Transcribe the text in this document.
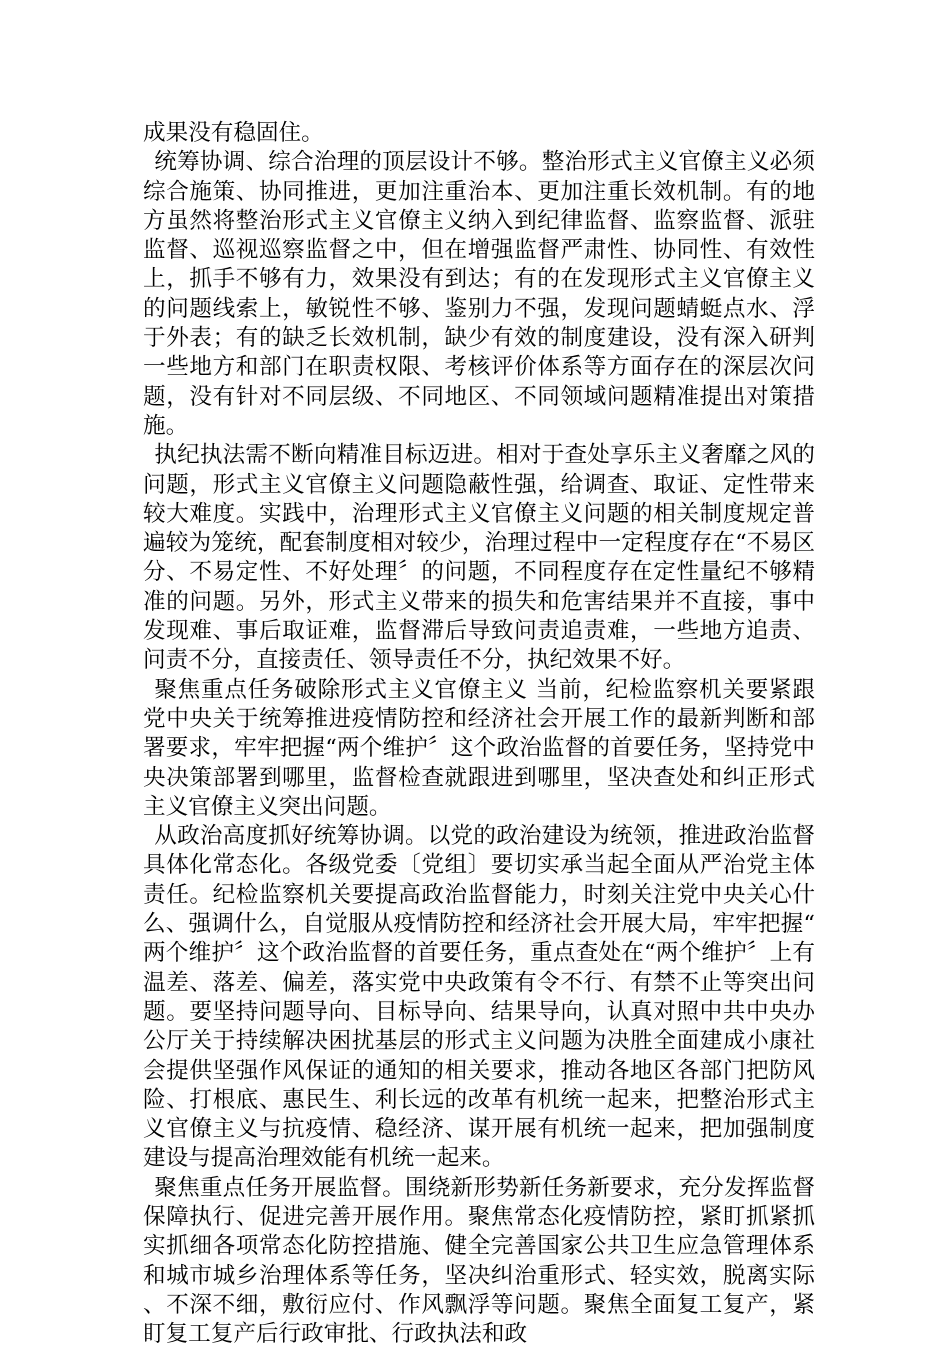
成果没有稳固住。

统筹协调、综合治理的顶层设计不够。整治形式主义官僚主义必须综合施策、协同推进，更加注重治本、更加注重长效机制。有的地方虽然将整治形式主义官僚主义纳入到纪律监督、监察监督、派驻监督、巡视巡察监督之中，但在增强监督严肃性、协同性、有效性上，抓手不够有力，效果没有到达；有的在发现形式主义官僚主义的问题线索上，敏锐性不够、鉴别力不强，发现问题蜻蜓点水、浮于外表；有的缺乏长效机制，缺少有效的制度建设，没有深入研判一些地方和部门在职责权限、考核评价体系等方面存在的深层次问题，没有针对不同层级、不同地区、不同领域问题精准提出对策措施。

执纪执法需不断向精准目标迈进。相对于查处享乐主义奢靡之风的问题，形式主义官僚主义问题隐蔽性强，给调查、取证、定性带来较大难度。实践中，治理形式主义官僚主义问题的相关制度规定普遍较为笼统，配套制度相对较少，治理过程中一定程度存在“不易区分、不易定性、不好处理〞的问题，不同程度存在定性量纪不够精准的问题。另外，形式主义带来的损失和危害结果并不直接，事中发现难、事后取证难，监督滞后导致问责追责难，一些地方追责、问责不分，直接责任、领导责任不分，执纪效果不好。

聚焦重点任务破除形式主义官僚主义 当前，纪检监察机关要紧跟党中央关于统筹推进疫情防控和经济社会开展工作的最新判断和部署要求，牢牢把握“两个维护〞这个政治监督的首要任务，坚持党中央决策部署到哪里，监督检查就跟进到哪里，坚决查处和纠正形式主义官僚主义突出问题。

从政治高度抓好统筹协调。以党的政治建设为统领，推进政治监督具体化常态化。各级党委〔党组〕要切实承当起全面从严治党主体责任。纪检监察机关要提高政治监督能力，时刻关注党中央关心什么、强调什么，自觉服从疫情防控和经济社会开展大局，牢牢把握“两个维护〞这个政治监督的首要任务，重点查处在“两个维护〞上有温差、落差、偏差，落实党中央政策有令不行、有禁不止等突出问题。要坚持问题导向、目标导向、结果导向，认真对照中共中央办公厅关于持续解决困扰基层的形式主义问题为决胜全面建成小康社会提供坚强作风保证的通知的相关要求，推动各地区各部门把防风险、打根底、惠民生、利长远的改革有机统一起来，把整治形式主义官僚主义与抗疫情、稳经济、谋开展有机统一起来，把加强制度建设与提高治理效能有机统一起来。

聚焦重点任务开展监督。围绕新形势新任务新要求，充分发挥监督保障执行、促进完善开展作用。聚焦常态化疫情防控，紧盯抓紧抓实抓细各项常态化防控措施、健全完善国家公共卫生应急管理体系和城市城乡治理体系等任务，坚决纠治重形式、轻实效，脱离实际、不深不细，敷衍应付、作风飘浮等问题。聚焦全面复工复产，紧盯复工复产后行政审批、行政执法和政
